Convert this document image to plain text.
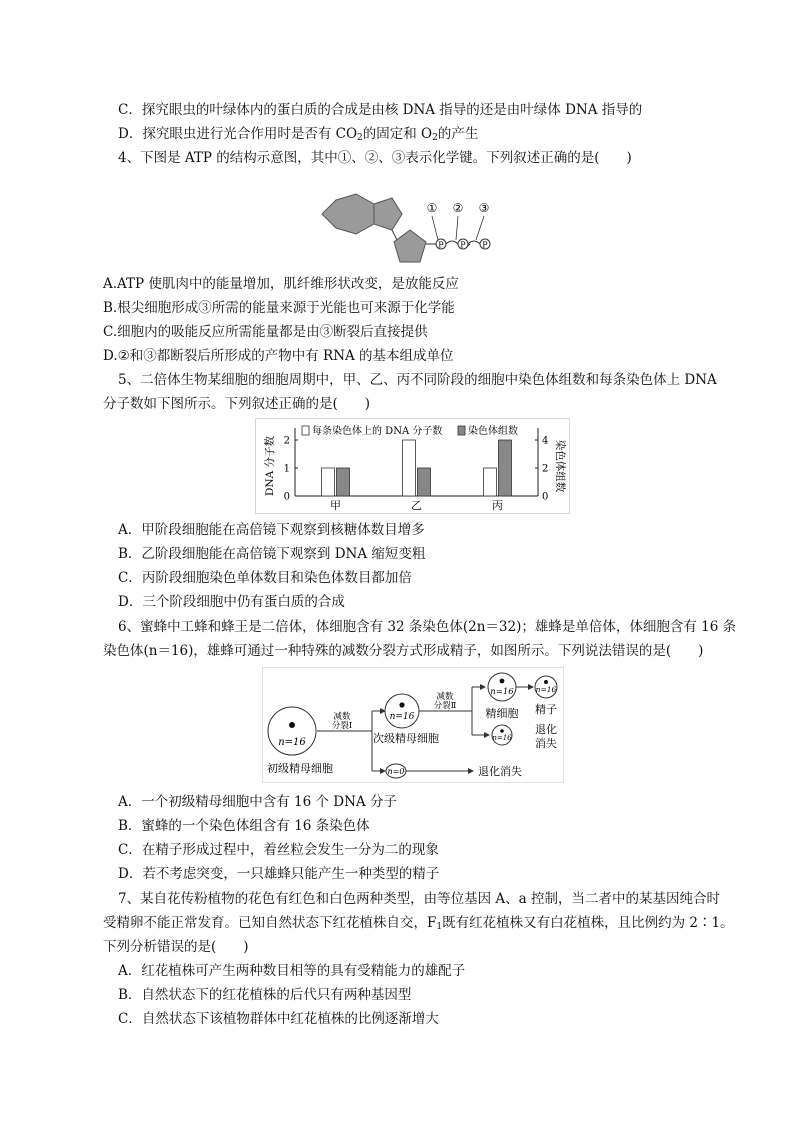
C．探究眼虫的叶绿体内的蛋白质的合成是由核 DNA 指导的还是由叶绿体 DNA 指导的
D．探究眼虫进行光合作用时是否有 $CO_2$的固定和 $O_2$的产生
4、下图是 ATP 的结构示意图，其中①、②、③表示化学键。下列叙述正确的是(　　)
P P P
① ② ③
A.ATP 使肌肉中的能量增加，肌纤维形状改变，是放能反应
B.根尖细胞形成③所需的能量来源于光能也可来源于化学能
C.细胞内的吸能反应所需能量都是由③断裂后直接提供
D.②和③都断裂后所形成的产物中有 RNA 的基本组成单位
5、二倍体生物某细胞的细胞周期中，甲、乙、丙不同阶段的细胞中染色体组数和每条染色体上 DNA
分子数如下图所示。下列叙述正确的是(　　)
DNA 分子数	染色体组数
0
1
2
0
2
4
甲	乙	丙
每条染色体上的 DNA 分子数	染色体组数
A．甲阶段细胞能在高倍镜下观察到核糖体数目增多
B．乙阶段细胞能在高倍镜下观察到 DNA 缩短变粗
C．丙阶段细胞染色单体数目和染色体数目都加倍
D．三个阶段细胞中仍有蛋白质的合成
6、蜜蜂中工蜂和蜂王是二倍体，体细胞含有 32 条染色体(2n＝32)；雄蜂是单倍体，体细胞含有 16 条
染色体(n＝16)，雄蜂可通过一种特殊的减数分裂方式形成精子，如图所示。下列说法错误的是(　　)
n=16
初级精母细胞
减数
分裂Ⅰ
n=16
次级精母细胞
n=0	退化消失
减数
分裂Ⅱ
n=16
精细胞
n=16
精子
n=16
退化
消失
A．一个初级精母细胞中含有 16 个 DNA 分子
B．蜜蜂的一个染色体组含有 16 条染色体
C．在精子形成过程中，着丝粒会发生一分为二的现象
D．若不考虑突变，一只雄蜂只能产生一种类型的精子
7、某自花传粉植物的花色有红色和白色两种类型，由等位基因 A、a 控制，当二者中的某基因纯合时
受精卵不能正常发育。已知自然状态下红花植株自交，$F_1$既有红花植株又有白花植株，且比例约为 2∶1。
下列分析错误的是(　　)
A．红花植株可产生两种数目相等的具有受精能力的雄配子
B．自然状态下的红花植株的后代只有两种基因型
C．自然状态下该植物群体中红花植株的比例逐渐增大
